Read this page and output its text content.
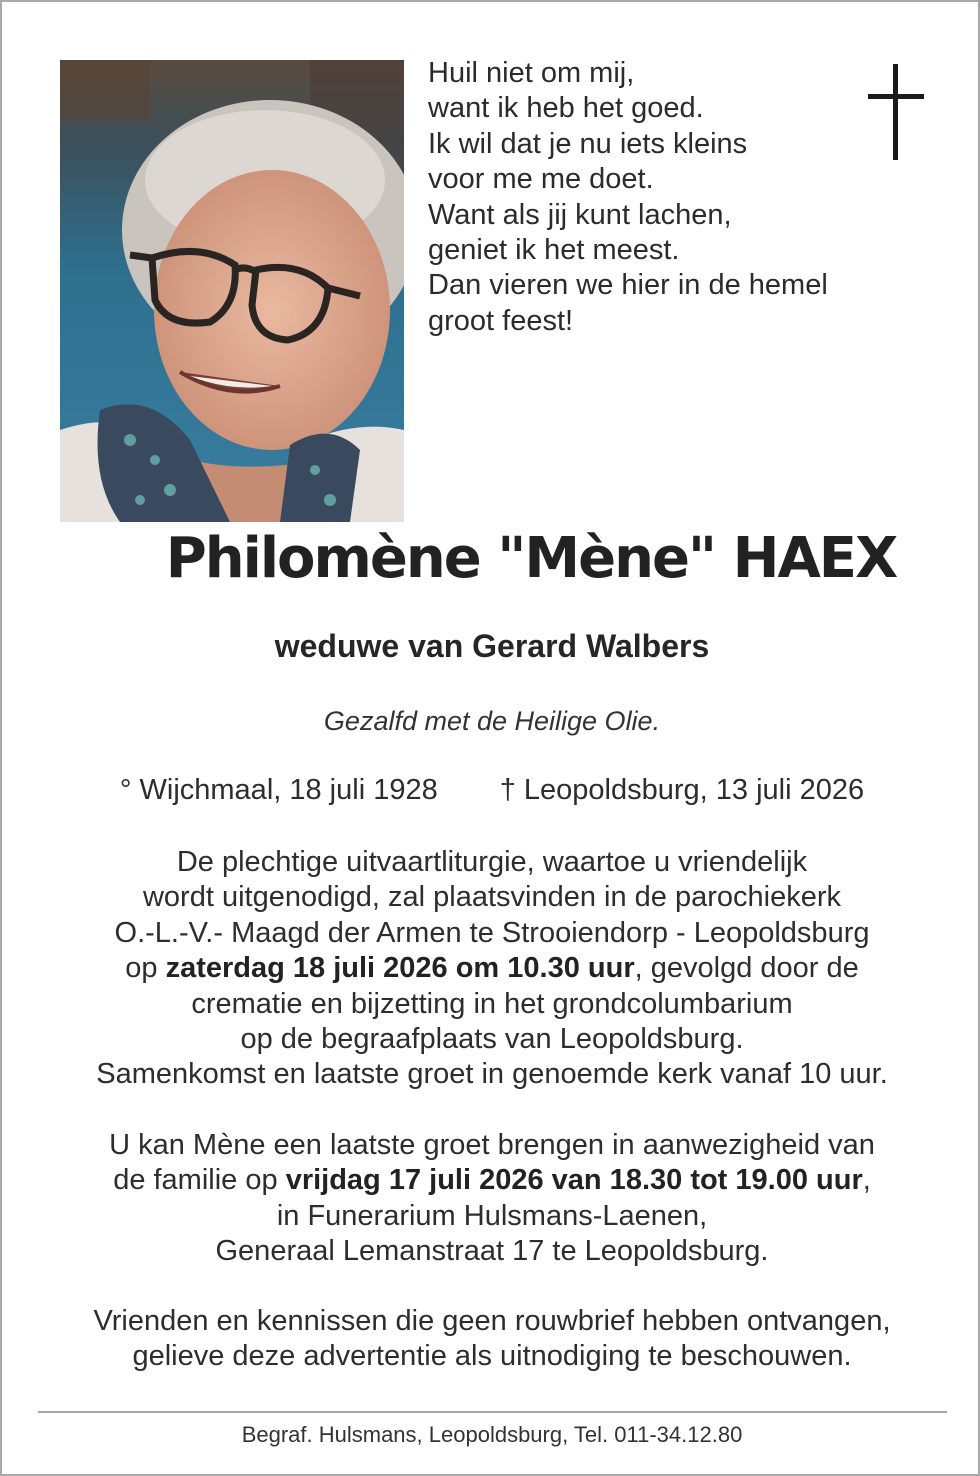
Huil niet om mij,
want ik heb het goed.
Ik wil dat je nu iets kleins
voor me me doet.
Want als jij kunt lachen,
geniet ik het meest.
Dan vieren we hier in de hemel
groot feest!
Philomène "Mène" HAEX
weduwe van Gerard Walbers
Gezalfd met de Heilige Olie.
° Wijchmaal, 18 juli 1928 † Leopoldsburg, 13 juli 2026
De plechtige uitvaartliturgie, waartoe u vriendelijk
wordt uitgenodigd, zal plaatsvinden in de parochiekerk
O.-L.-V.- Maagd der Armen te Strooiendorp - Leopoldsburg
op zaterdag 18 juli 2026 om 10.30 uur, gevolgd door de
crematie en bijzetting in het grondcolumbarium
op de begraafplaats van Leopoldsburg.
Samenkomst en laatste groet in genoemde kerk vanaf 10 uur.
U kan Mène een laatste groet brengen in aanwezigheid van
de familie op vrijdag 17 juli 2026 van 18.30 tot 19.00 uur,
in Funerarium Hulsmans-Laenen,
Generaal Lemanstraat 17 te Leopoldsburg.
Vrienden en kennissen die geen rouwbrief hebben ontvangen,
gelieve deze advertentie als uitnodiging te beschouwen.
Begraf. Hulsmans, Leopoldsburg, Tel. 011-34.12.80
